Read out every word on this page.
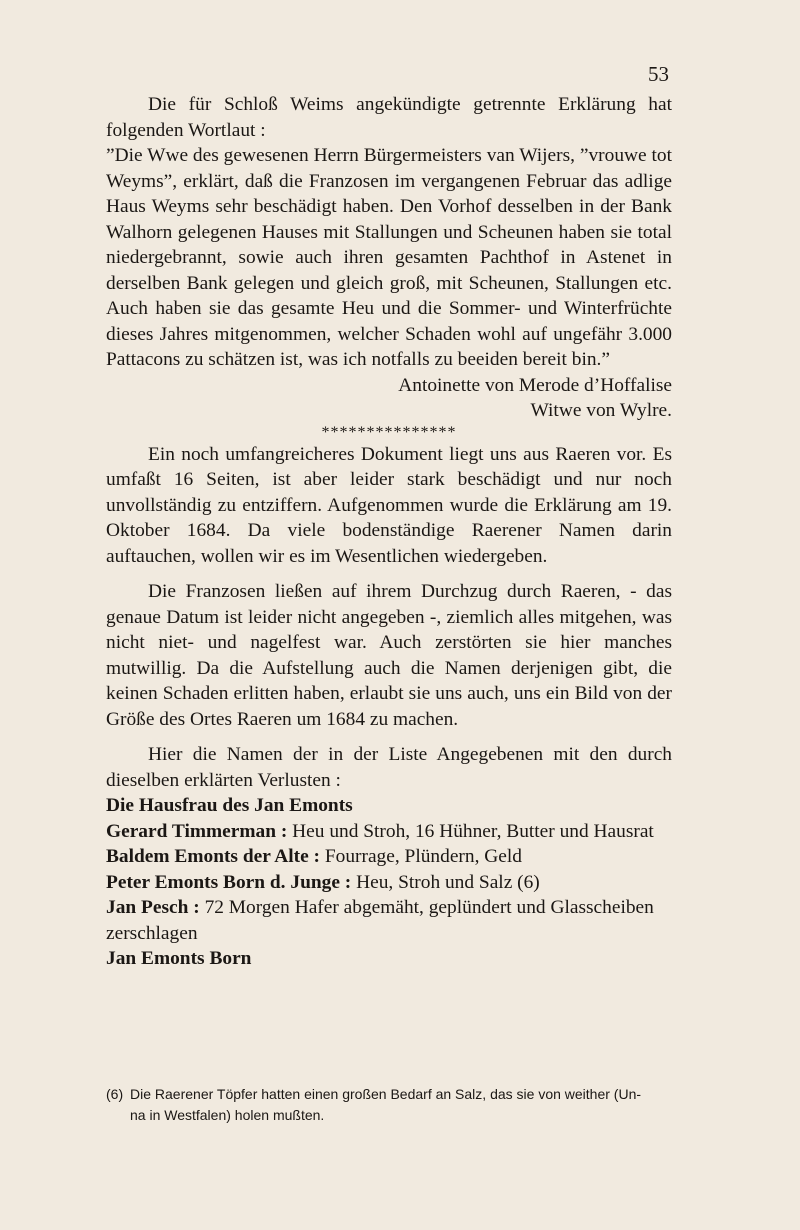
53

Die für Schloß Weims angekündigte getrennte Erklärung hat folgenden Wortlaut :

”Die Wwe des gewesenen Herrn Bürgermeisters van Wijers, ”vrouwe tot Weyms”, erklärt, daß die Franzosen im vergangenen Februar das adlige Haus Weyms sehr beschädigt haben. Den Vorhof desselben in der Bank Walhorn gelegenen Hauses mit Stallungen und Scheunen haben sie total niedergebrannt, sowie auch ihren gesamten Pachthof in Astenet in derselben Bank gelegen und gleich groß, mit Scheunen, Stallungen etc. Auch haben sie das gesamte Heu und die Sommer- und Winterfrüchte dieses Jahres mitgenommen, welcher Schaden wohl auf ungefähr 3.000 Pattacons zu schätzen ist, was ich notfalls zu beeiden bereit bin.”

Antoinette von Merode d’Hoffalise

Witwe von Wylre.

***************

Ein noch umfangreicheres Dokument liegt uns aus Raeren vor. Es umfaßt 16 Seiten, ist aber leider stark beschädigt und nur noch unvollständig zu entziffern. Aufgenommen wurde die Erklärung am 19. Oktober 1684. Da viele bodenständige Raerener Namen darin auftauchen, wollen wir es im Wesentlichen wiedergeben.

Die Franzosen ließen auf ihrem Durchzug durch Raeren, - das genaue Datum ist leider nicht angegeben -, ziemlich alles mitgehen, was nicht niet- und nagelfest war. Auch zerstörten sie hier manches mutwillig. Da die Aufstellung auch die Namen derjenigen gibt, die keinen Schaden erlitten haben, erlaubt sie uns auch, uns ein Bild von der Größe des Ortes Raeren um 1684 zu machen.

Hier die Namen der in der Liste Angegebenen mit den durch dieselben erklärten Verlusten :

Die Hausfrau des Jan Emonts

Gerard Timmerman : Heu und Stroh, 16 Hühner, Butter und Hausrat

Baldem Emonts der Alte : Fourrage, Plündern, Geld

Peter Emonts Born d. Junge : Heu, Stroh und Salz (6)

Jan Pesch : 72 Morgen Hafer abgemäht, geplündert und Glasscheiben zerschlagen

Jan Emonts Born

(6) Die Raerener Töpfer hatten einen großen Bedarf an Salz, das sie von weither (Un-
na in Westfalen) holen mußten.
